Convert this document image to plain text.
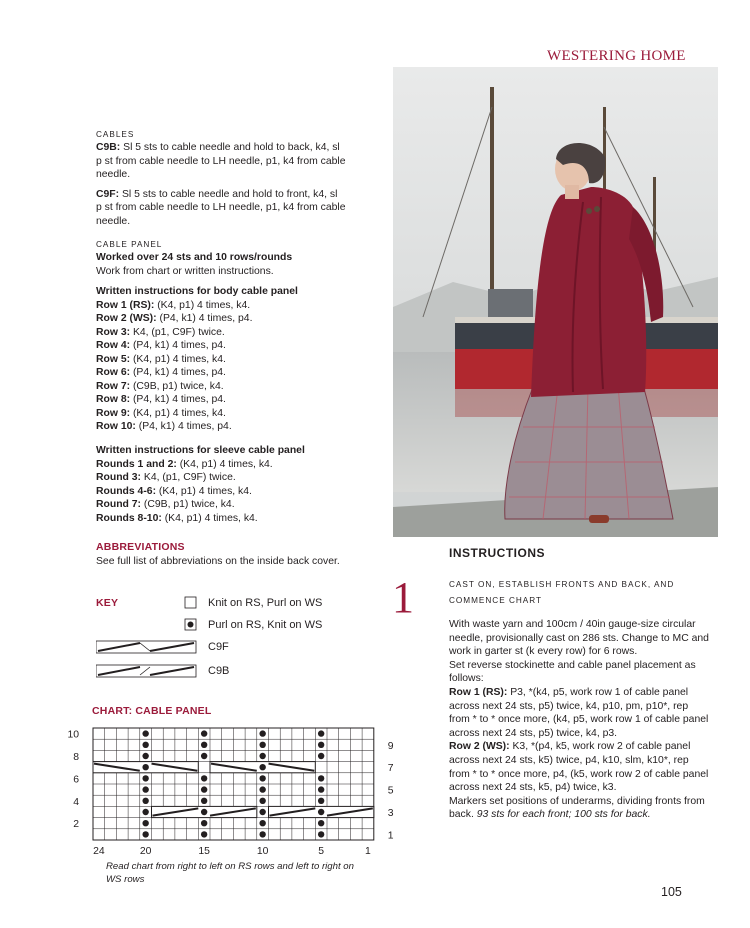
WESTERING HOME
CABLES

C9B: Sl 5 sts to cable needle and hold to back, k4, sl p st from cable needle to LH needle, p1, k4 from cable needle.

C9F: Sl 5 sts to cable needle and hold to front, k4, sl p st from cable needle to LH needle, p1, k4 from cable needle.

CABLE PANEL
Worked over 24 sts and 10 rows/rounds
Work from chart or written instructions.
Written instructions for body cable panel
Row 1 (RS): (K4, p1) 4 times, k4.
Row 2 (WS): (P4, k1) 4 times, p4.
Row 3: K4, (p1, C9F) twice.
Row 4: (P4, k1) 4 times, p4.
Row 5: (K4, p1) 4 times, k4.
Row 6: (P4, k1) 4 times, p4.
Row 7: (C9B, p1) twice, k4.
Row 8: (P4, k1) 4 times, p4.
Row 9: (K4, p1) 4 times, k4.
Row 10: (P4, k1) 4 times, p4.
Written instructions for sleeve cable panel
Rounds 1 and 2: (K4, p1) 4 times, k4.
Round 3: K4, (p1, C9F) twice.
Rounds 4-6: (K4, p1) 4 times, k4.
Round 7: (C9B, p1) twice, k4.
Rounds 8-10: (K4, p1) 4 times, k4.
ABBREVIATIONS
See full list of abbreviations on the inside back cover.
KEY	Knit on RS, Purl on WS
Purl on RS, Knit on WS
C9F
C9B
CHART: CABLE PANEL
10
8
6
4
2
9
7
5
3
1
24	20	15	10	5	1
Read chart from right to left on RS rows and left to right on WS rows
INSTRUCTIONS
1	CAST ON, ESTABLISH FRONTS AND BACK, AND COMMENCE CHART
With waste yarn and 100cm / 40in gauge-size circular needle, provisionally cast on 286 sts. Change to MC and work in garter st (k every row) for 6 rows.
Set reverse stockinette and cable panel placement as follows:
Row 1 (RS): P3, *(k4, p5, work row 1 of cable panel across next 24 sts, p5) twice, k4, p10, pm, p10*, rep from * to * once more, (k4, p5, work row 1 of cable panel across next 24 sts, p5) twice, k4, p3.
Row 2 (WS): K3, *(p4, k5, work row 2 of cable panel across next 24 sts, k5) twice, p4, k10, slm, k10*, rep from * to * once more, p4, (k5, work row 2 of cable panel across next 24 sts, k5, p4) twice, k3.
Markers set positions of underarms, dividing fronts from back. 93 sts for each front; 100 sts for back.
105
